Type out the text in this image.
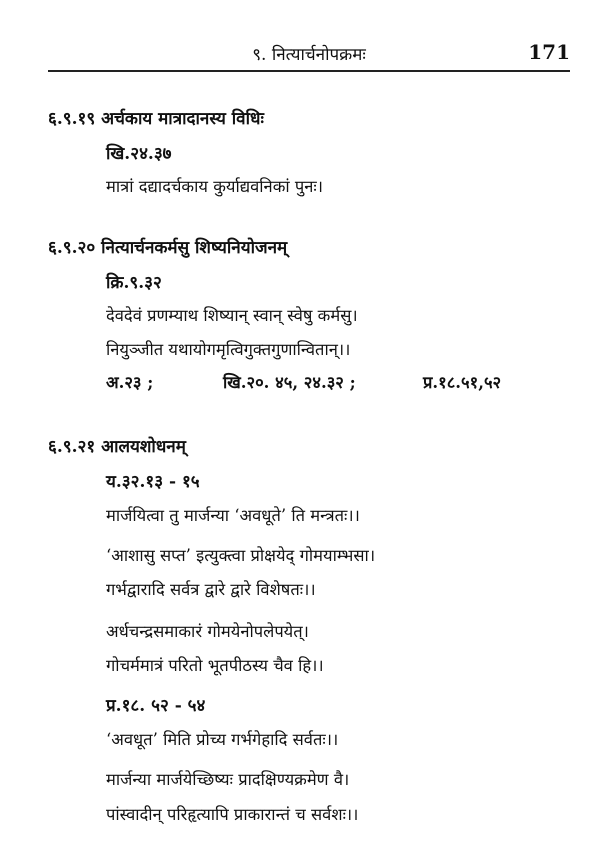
९. नित्यार्चनोपक्रमः	171
६.९.१९ अर्चकाय मात्रादानस्य विधिः
खि.२४.३७
मात्रां दद्यादर्चकाय कुर्याद्यवनिकां पुनः।
६.९.२० नित्यार्चनकर्मसु शिष्यनियोजनम्
क्रि.९.३२
देवदेवं प्रणम्याथ शिष्यान् स्वान् स्वेषु कर्मसु।
नियुञ्जीत यथायोगमृत्विगुक्तगुणान्वितान्।।
अ.२३ ;	खि.२०. ४५, २४.३२ ;	प्र.१८.५१,५२
६.९.२१ आलयशोधनम्
य.३२.१३ - १५
मार्जयित्वा तु मार्जन्या ‘अवधूते’ ति मन्त्रतः।।
‘आशासु सप्त’ इत्युक्त्वा प्रोक्षयेद् गोमयाम्भसा।
गर्भद्वारादि सर्वत्र द्वारे द्वारे विशेषतः।।
अर्धचन्द्रसमाकारं गोमयेनोपलेपयेत्।
गोचर्ममात्रं परितो भूतपीठस्य चैव हि।।
प्र.१८. ५२ - ५४
‘अवधूत’ मिति प्रोच्य गर्भगेहादि सर्वतः।।
मार्जन्या मार्जयेच्छिष्यः प्रादक्षिण्यक्रमेण वै।
पांस्वादीन् परिहृत्यापि प्राकारान्तं च सर्वशः।।
